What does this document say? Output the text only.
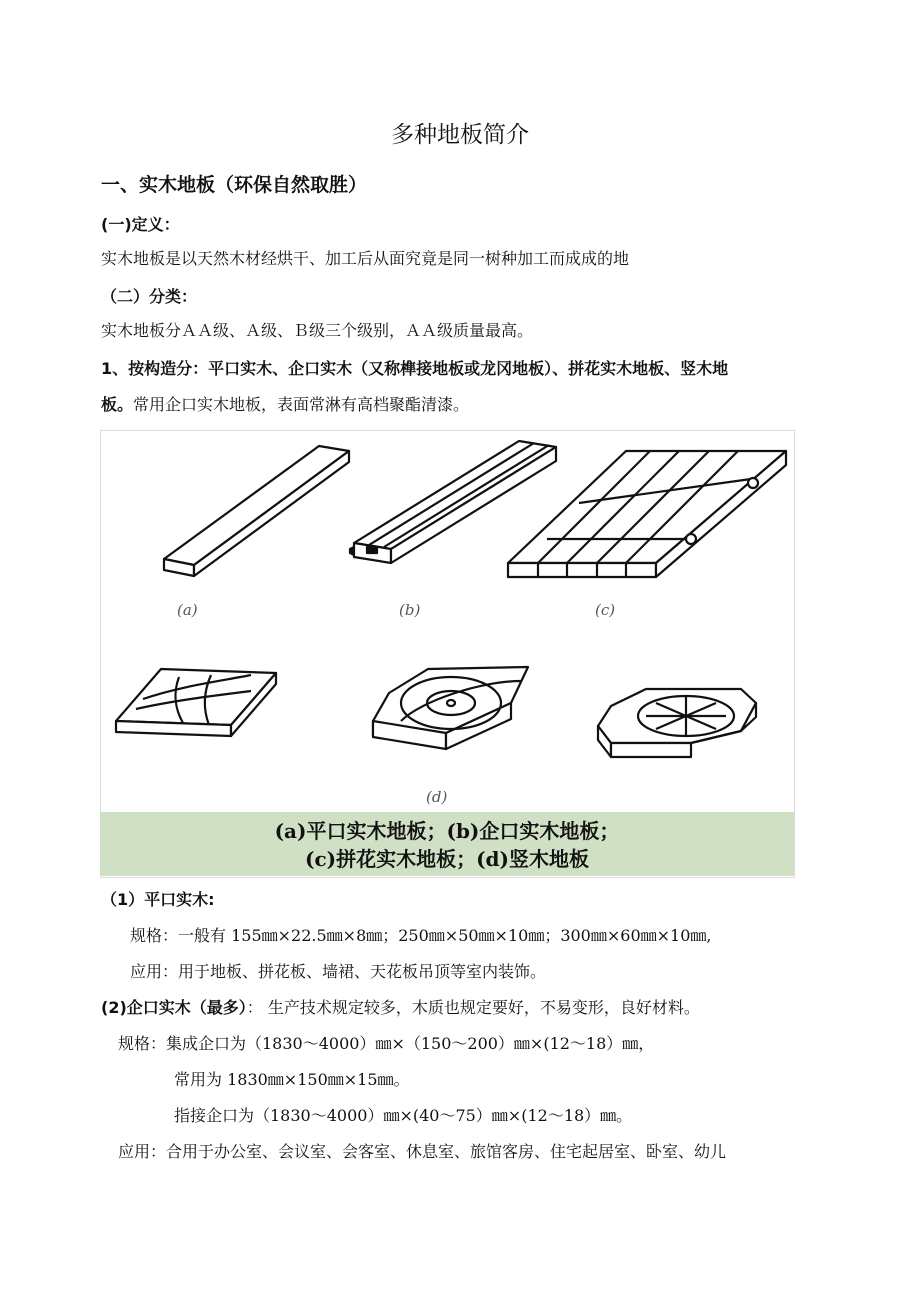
多种地板简介
一、实木地板（环保自然取胜）
(一)定义：
实木地板是以天然木材经烘干、加工后从面究竟是同一树种加工而成成的地
（二）分类：
实木地板分ＡＡ级、Ａ级、Ｂ级三个级别，ＡＡ级质量最高。
1、按构造分：平口实木、企口实木（又称榫接地板或龙冈地板）、拼花实木地板、竖木地
板。常用企口实木地板，表面常淋有高档聚酯清漆。
(a)	(b)	(c)
(d)
(a)平口实木地板；(b)企口实木地板；
(c)拼花实木地板；(d)竖木地板
（1）平口实木:
规格：一般有 155㎜×22.5㎜×8㎜；250㎜×50㎜×10㎜；300㎜×60㎜×10㎜,
应用：用于地板、拼花板、墙裙、天花板吊顶等室内装饰。
(2)企口实木（最多）： 生产技术规定较多，木质也规定要好，不易变形，良好材料。
规格：集成企口为（1830～4000）㎜×（150～200）㎜×(12～18）㎜，
常用为 1830㎜×150㎜×15㎜。
指接企口为（1830～4000）㎜×(40～75）㎜×(12～18）㎜。
应用：合用于办公室、会议室、会客室、休息室、旅馆客房、住宅起居室、卧室、幼儿
